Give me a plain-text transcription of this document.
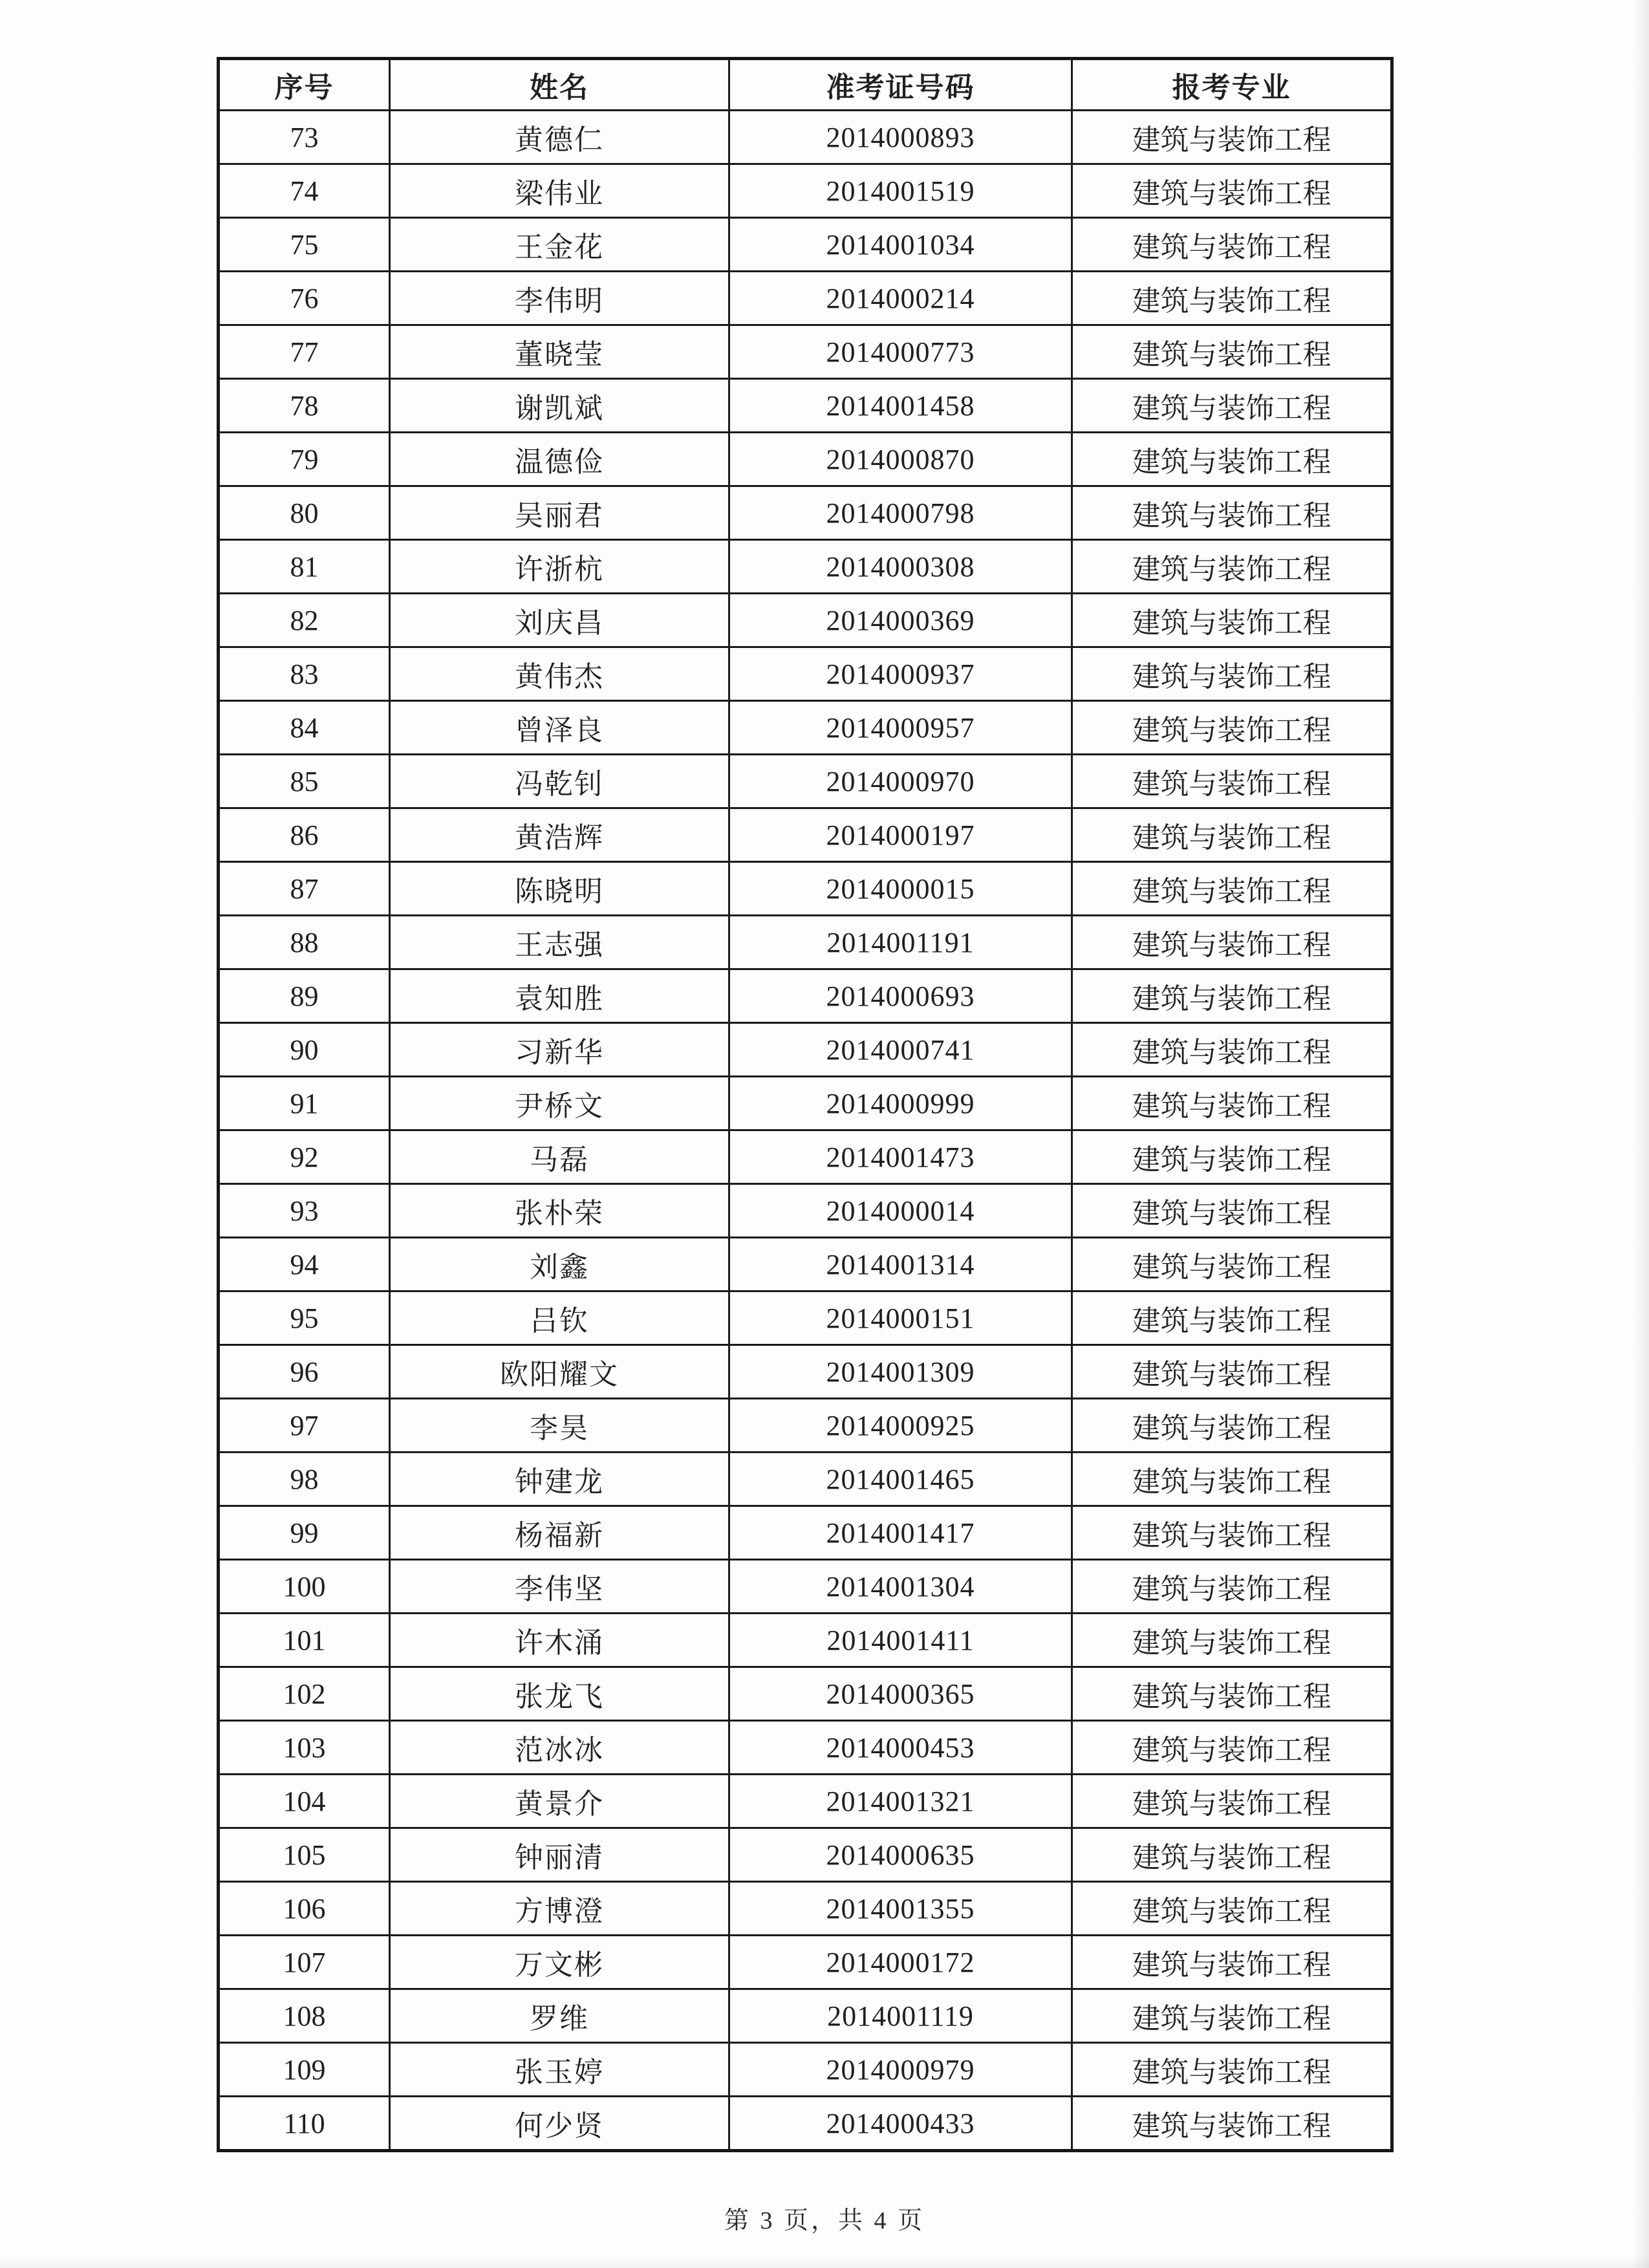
序号	姓名	准考证号码	报考专业
73	黄德仁	2014000893	建筑与装饰工程
74	梁伟业	2014001519	建筑与装饰工程
75	王金花	2014001034	建筑与装饰工程
76	李伟明	2014000214	建筑与装饰工程
77	董晓莹	2014000773	建筑与装饰工程
78	谢凯斌	2014001458	建筑与装饰工程
79	温德俭	2014000870	建筑与装饰工程
80	吴丽君	2014000798	建筑与装饰工程
81	许浙杭	2014000308	建筑与装饰工程
82	刘庆昌	2014000369	建筑与装饰工程
83	黄伟杰	2014000937	建筑与装饰工程
84	曾泽良	2014000957	建筑与装饰工程
85	冯乾钊	2014000970	建筑与装饰工程
86	黄浩辉	2014000197	建筑与装饰工程
87	陈晓明	2014000015	建筑与装饰工程
88	王志强	2014001191	建筑与装饰工程
89	袁知胜	2014000693	建筑与装饰工程
90	习新华	2014000741	建筑与装饰工程
91	尹桥文	2014000999	建筑与装饰工程
92	马磊	2014001473	建筑与装饰工程
93	张朴荣	2014000014	建筑与装饰工程
94	刘鑫	2014001314	建筑与装饰工程
95	吕钦	2014000151	建筑与装饰工程
96	欧阳耀文	2014001309	建筑与装饰工程
97	李昊	2014000925	建筑与装饰工程
98	钟建龙	2014001465	建筑与装饰工程
99	杨福新	2014001417	建筑与装饰工程
100	李伟坚	2014001304	建筑与装饰工程
101	许木涌	2014001411	建筑与装饰工程
102	张龙飞	2014000365	建筑与装饰工程
103	范冰冰	2014000453	建筑与装饰工程
104	黄景介	2014001321	建筑与装饰工程
105	钟丽清	2014000635	建筑与装饰工程
106	方博澄	2014001355	建筑与装饰工程
107	万文彬	2014000172	建筑与装饰工程
108	罗维	2014001119	建筑与装饰工程
109	张玉婷	2014000979	建筑与装饰工程
110	何少贤	2014000433	建筑与装饰工程
第 3 页，共 4 页
